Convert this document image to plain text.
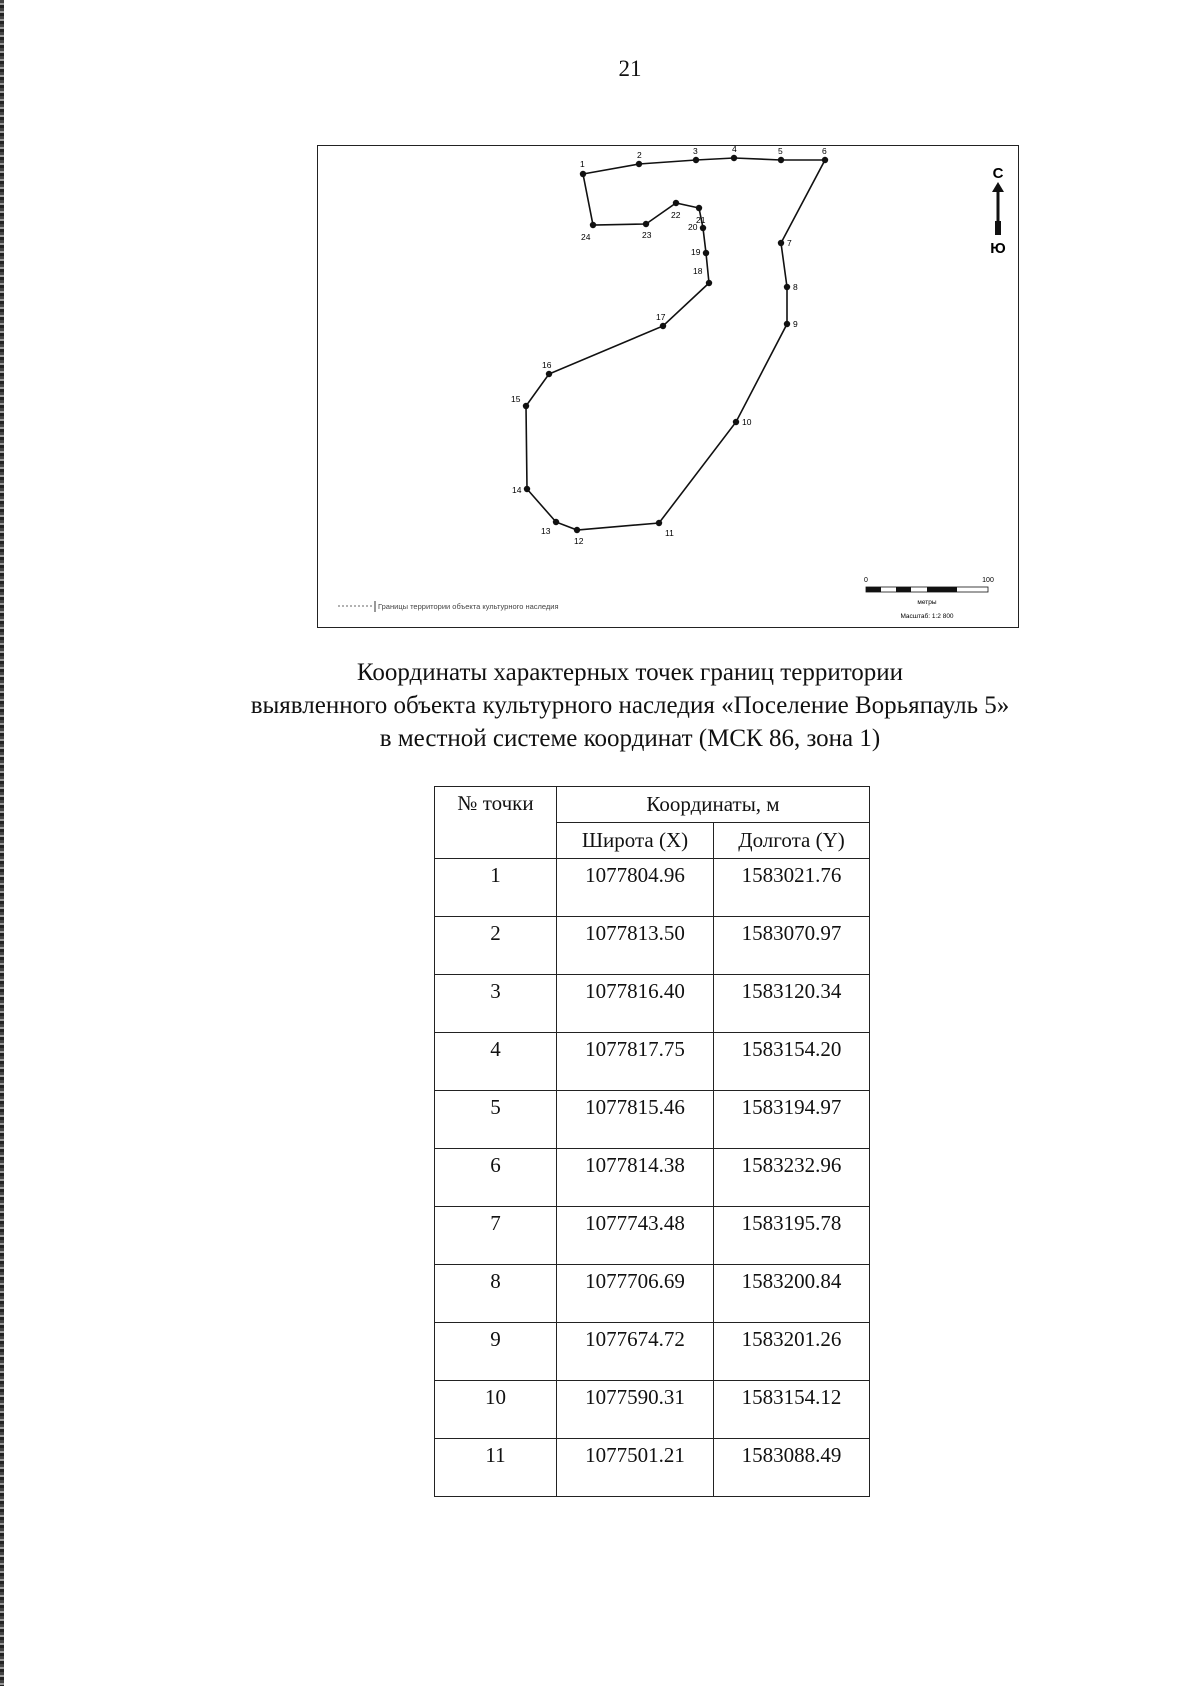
21
1
2	3	4	5	6
7
8
9
10
11
12
13
14
15
16
17
18
19
20
21
22
23
24
С
Ю
Границы территории объекта культурного наследия
0	100
метры
Масштаб: 1:2 800
Координаты характерных точек границ территории
выявленного объекта культурного наследия «Поселение Ворьяпауль 5»
в местной системе координат (МСК 86, зона 1)
№ точки	Координаты, м	
	Широта (X)	Долгота (Y)
1	1077804.96	1583021.76
2	1077813.50	1583070.97
3	1077816.40	1583120.34
4	1077817.75	1583154.20
5	1077815.46	1583194.97
6	1077814.38	1583232.96
7	1077743.48	1583195.78
8	1077706.69	1583200.84
9	1077674.72	1583201.26
10	1077590.31	1583154.12
11	1077501.21	1583088.49
